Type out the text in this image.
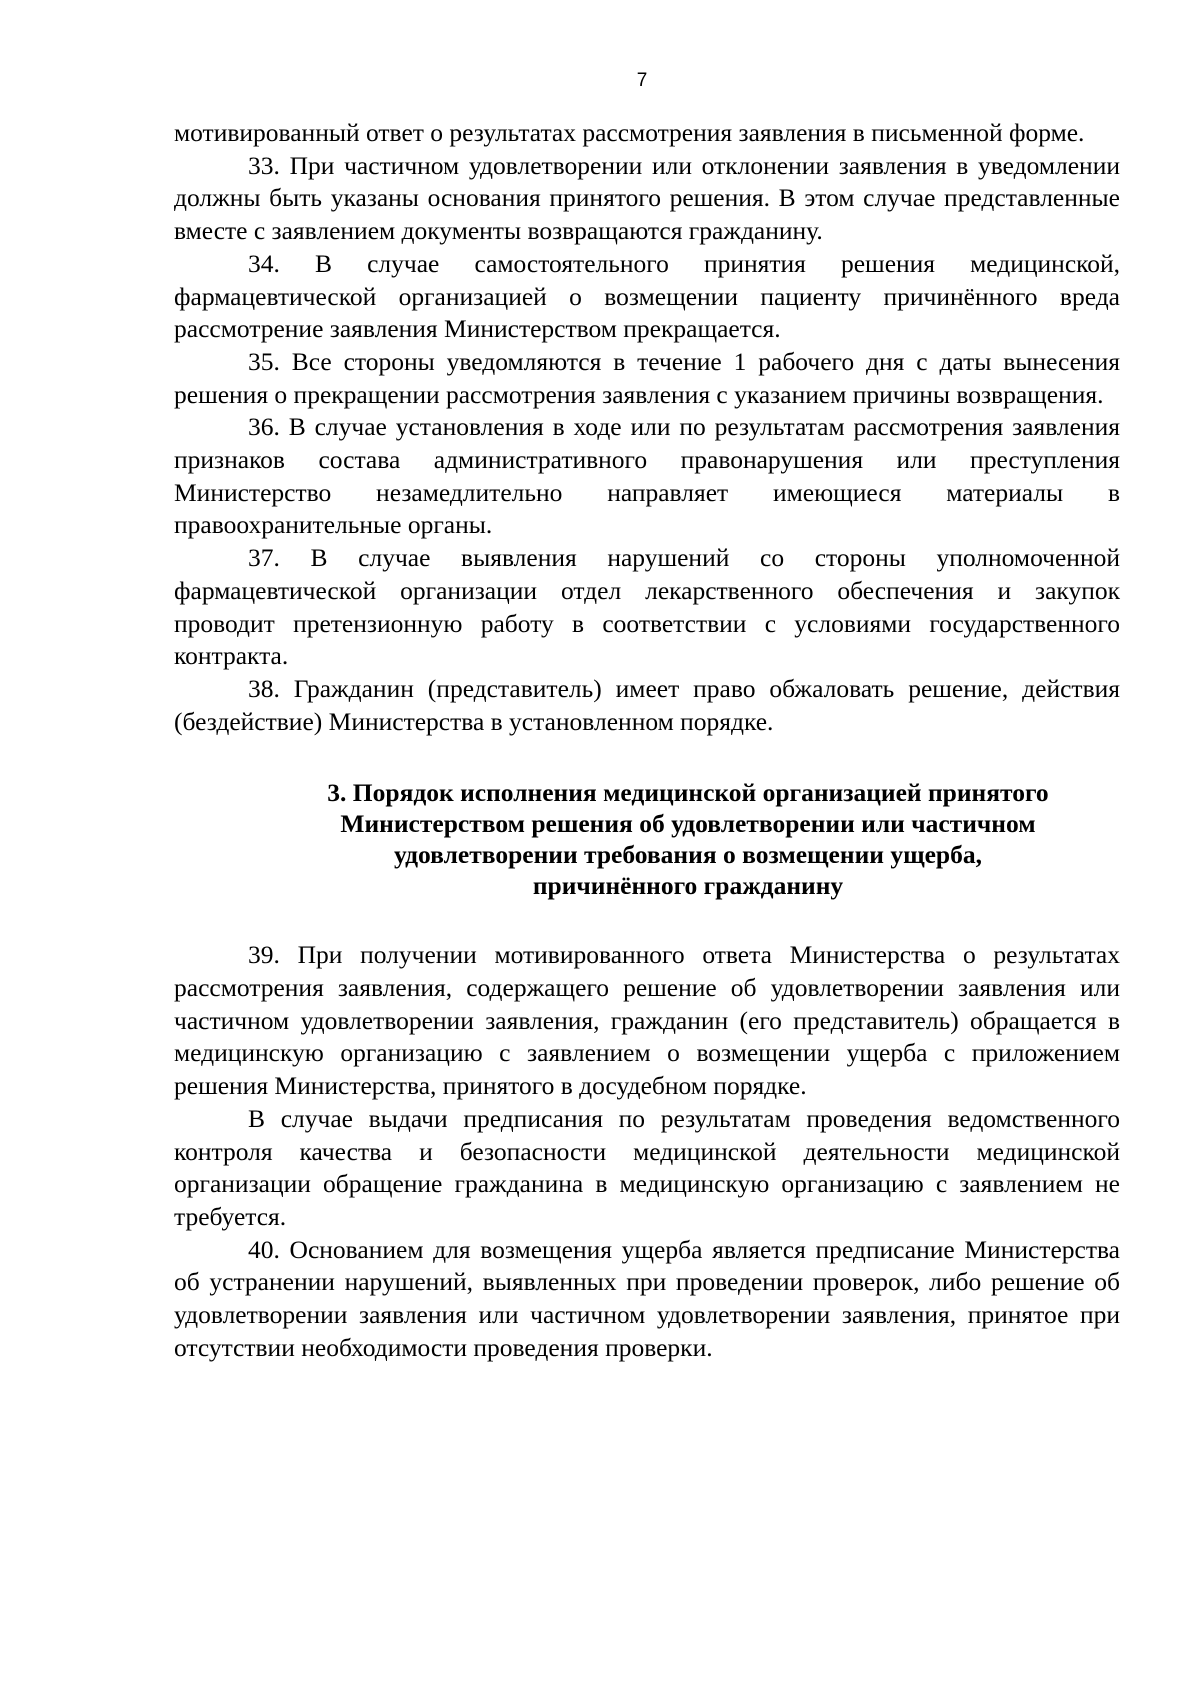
7

мотивированный ответ о результатах рассмотрения заявления в письменной форме.

33. При частичном удовлетворении или отклонении заявления в уведомлении должны быть указаны основания принятого решения. В этом случае представленные вместе с заявлением документы возвращаются гражданину.

34. В случае самостоятельного принятия решения медицинской, фармацевтической организацией о возмещении пациенту причинённого вреда рассмотрение заявления Министерством прекращается.

35. Все стороны уведомляются в течение 1 рабочего дня с даты вынесения решения о прекращении рассмотрения заявления с указанием причины возвращения.

36. В случае установления в ходе или по результатам рассмотрения заявления признаков состава административного правонарушения или преступления Министерство незамедлительно направляет имеющиеся материалы в правоохранительные органы.

37. В случае выявления нарушений со стороны уполномоченной фармацевтической организации отдел лекарственного обеспечения и закупок проводит претензионную работу в соответствии с условиями государственного контракта.

38. Гражданин (представитель) имеет право обжаловать решение, действия (бездействие) Министерства в установленном порядке.

3. Порядок исполнения медицинской организацией принятого
Министерством решения об удовлетворении или частичном
удовлетворении требования о возмещении ущерба,
причинённого гражданину

39. При получении мотивированного ответа Министерства о результатах рассмотрения заявления, содержащего решение об удовлетворении заявления или частичном удовлетворении заявления, гражданин (его представитель) обращается в медицинскую организацию с заявлением о возмещении ущерба с приложением решения Министерства, принятого в досудебном порядке.

В случае выдачи предписания по результатам проведения ведомственного контроля качества и безопасности медицинской деятельности медицинской организации обращение гражданина в медицинскую организацию с заявлением не требуется.

40. Основанием для возмещения ущерба является предписание Министерства об устранении нарушений, выявленных при проведении проверок, либо решение об удовлетворении заявления или частичном удовлетворении заявления, принятое при отсутствии необходимости проведения проверки.
